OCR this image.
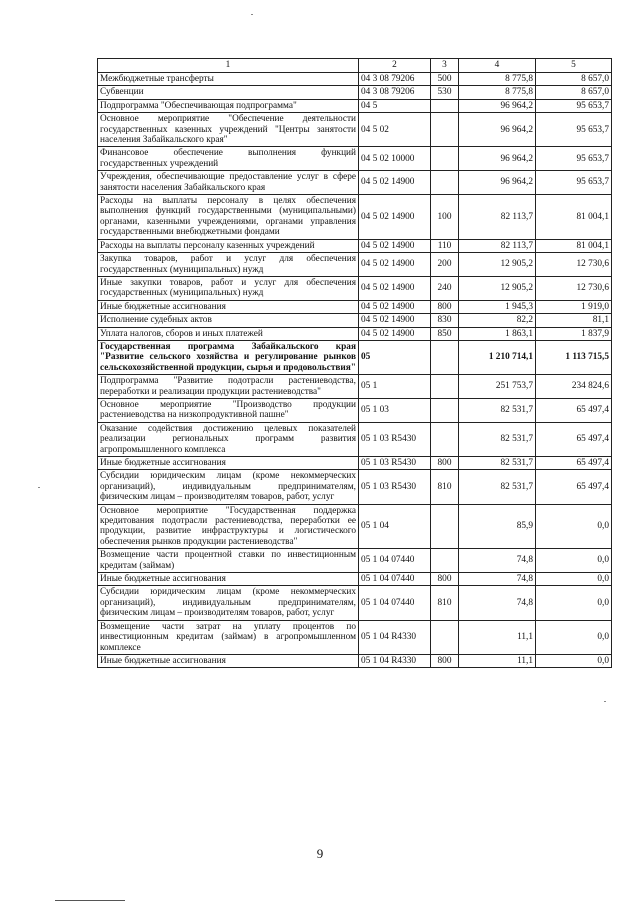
1	2	3	4	5
Межбюджетные трансферты	04 3 08 79206	500	8 775,8	8 657,0
Субвенции	04 3 08 79206	530	8 775,8	8 657,0
Подпрограмма "Обеспечивающая подпрограмма"	04 5		96 964,2	95 653,7
Основное мероприятие "Обеспечение деятельности государственных казенных учреждений "Центры занятости населения Забайкальского края"	04 5 02		96 964,2	95 653,7
Финансовое обеспечение выполнения функций государственных учреждений	04 5 02 10000		96 964,2	95 653,7
Учреждения, обеспечивающие предоставление услуг в сфере занятости населения Забайкальского края	04 5 02 14900		96 964,2	95 653,7
Расходы на выплаты персоналу в целях обеспечения выполнения функций государственными (муниципальными) органами, казенными учреждениями, органами управления государственными внебюджетными фондами	04 5 02 14900	100	82 113,7	81 004,1
Расходы на выплаты персоналу казенных учреждений	04 5 02 14900	110	82 113,7	81 004,1
Закупка товаров, работ и услуг для обеспечения государственных (муниципальных) нужд	04 5 02 14900	200	12 905,2	12 730,6
Иные закупки товаров, работ и услуг для обеспечения государственных (муниципальных) нужд	04 5 02 14900	240	12 905,2	12 730,6
Иные бюджетные ассигнования	04 5 02 14900	800	1 945,3	1 919,0
Исполнение судебных актов	04 5 02 14900	830	82,2	81,1
Уплата налогов, сборов и иных платежей	04 5 02 14900	850	1 863,1	1 837,9
Государственная программа Забайкальского края "Развитие сельского хозяйства и регулирование рынков сельскохозяйственной продукции, сырья и продовольствия"	05		1 210 714,1	1 113 715,5
Подпрограмма "Развитие подотрасли растениеводства, переработки и реализации продукции растениеводства"	05 1		251 753,7	234 824,6
Основное мероприятие "Производство продукции растениеводства на низкопродуктивной пашне"	05 1 03		82 531,7	65 497,4
Оказание содействия достижению целевых показателей реализации региональных программ развития агропромышленного комплекса	05 1 03 R5430		82 531,7	65 497,4
Иные бюджетные ассигнования	05 1 03 R5430	800	82 531,7	65 497,4
Субсидии юридическим лицам (кроме некоммерческих организаций), индивидуальным предпринимателям, физическим лицам – производителям товаров, работ, услуг	05 1 03 R5430	810	82 531,7	65 497,4
Основное мероприятие "Государственная поддержка кредитования подотрасли растениеводства, переработки ее продукции, развитие инфраструктуры и логистического обеспечения рынков продукции растениеводства"	05 1 04		85,9	0,0
Возмещение части процентной ставки по инвестиционным кредитам (займам)	05 1 04 07440		74,8	0,0
Иные бюджетные ассигнования	05 1 04 07440	800	74,8	0,0
Субсидии юридическим лицам (кроме некоммерческих организаций), индивидуальным предпринимателям, физическим лицам – производителям товаров, работ, услуг	05 1 04 07440	810	74,8	0,0
Возмещение части затрат на уплату процентов по инвестиционным кредитам (займам) в агропромышленном комплексе	05 1 04 R4330		11,1	0,0
Иные бюджетные ассигнования	05 1 04 R4330	800	11,1	0,0
9
